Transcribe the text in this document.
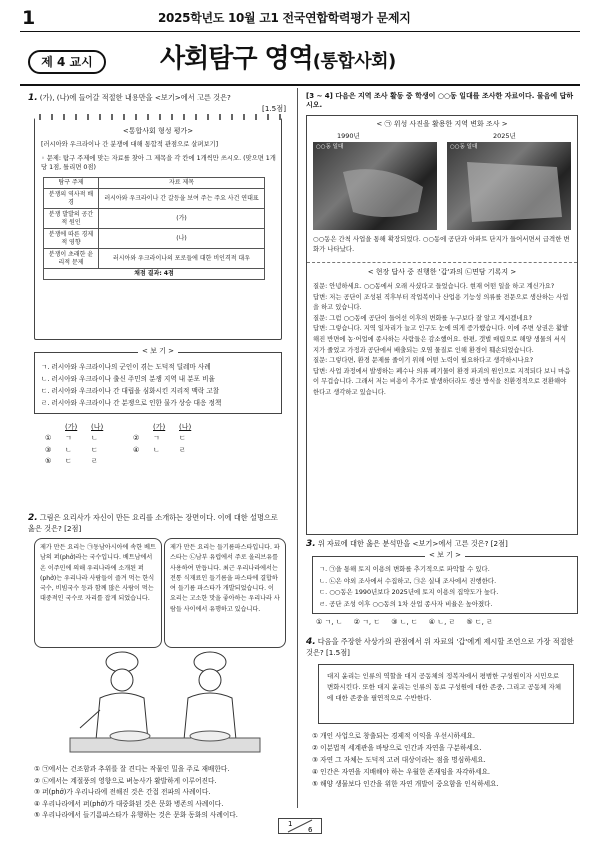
1	2025학년도 10월 고1 전국연합학력평가 문제지
제 4 교시	사회탐구 영역(통합사회)
1. (가), (나)에 들어갈 적절한 내용만을 <보기>에서 고른 것은?
[1.5점]
<통합사회 형성 평가>
[러시아와 우크라이나 간 분쟁에 대해 통합적 관점으로 살펴보기]
◦ 문제: 탐구 주제에 맞는 자료를 찾아 그 제목을 각 칸에 1개씩만 쓰시오. (맞으면 1개당 1점, 틀리면 0점)
탐구 주제	자료 제목
분쟁의 역사적 배경	러시아와 우크라이나 간 갈등을 보여 주는 주요 사건 연대표
분쟁 발발의 공간적 원인	(가)
분쟁에 따른 경제적 영향	(나)
분쟁이 초래한 윤리적 문제	러시아와 우크라이나의 포로들에 대한 비인격적 대우
채점 결과: 4점	
< 보 기 >
ㄱ. 러시아와 우크라이나의 군인이 겪는 도덕적 딜레마 사례
ㄴ. 러시아와 우크라이나 출신 주민의 분쟁 지역 내 분포 비율
ㄷ. 러시아와 우크라이나 간 대립을 심화시킨 지리적 맥락 고찰
ㄹ. 러시아와 우크라이나 간 분쟁으로 인한 물가 상승 대응 정책
	(가)	(나)		(가)	(나)
①	ㄱ	ㄴ	②	ㄱ	ㄷ
③	ㄴ	ㄷ	④	ㄴ	ㄹ
⑤	ㄷ	ㄹ			
2. 그림은 요리사가 자신이 만든 요리를 소개하는 장면이다. 이에 대한 설명으로 옳은 것은? [2점]
제가 만든 요리는 ㉠동남아시아에 속한 베트남의 퍼(phở)라는 국수입니다. 베트남에서 온 이주민에 의해 우리나라에 소개된 퍼(phở)는 우리나라 사람들이 즐겨 먹는 한식 국수, 비빔국수 등과 함께 많은 사람이 먹는 대중적인 국수로 자리를 잡게 되었습니다.
제가 만든 요리는 들기름파스타입니다. 파스타는 ㉡남부 유럽에서 주로 올리브유를 사용하여 만듭니다. 최근 우리나라에서는 전통 식재료인 들기름을 파스타에 결합하여 들기름 파스타가 개발되었습니다. 이 요리는 고소한 맛을 좋아하는 우리나라 사람들 사이에서 유행하고 있습니다.
① ㉠에서는 건조함과 추위를 잘 견디는 작물인 밀을 주로 재배한다.
② ㉡에서는 계절풍의 영향으로 벼농사가 활발하게 이루어진다.
③ 퍼(phở)가 우리나라에 전해진 것은 간접 전파의 사례이다.
④ 우리나라에서 퍼(phở)가 대중화된 것은 문화 병존의 사례이다.
⑤ 우리나라에서 들기름파스타가 유행하는 것은 문화 동화의 사례이다.
[3 ~ 4] 다음은 지역 조사 활동 중 학생이 ○○동 일대를 조사한 자료이다. 물음에 답하시오.
< ㉠ 위성 사진을 활용한 지역 변화 조사 >
1990년	2025년
○○동 일대	○○동 일대
○○동은 간척 사업을 통해 확장되었다. ○○동에 공단과 아파트 단지가 들어서면서 급격한 변화가 나타났다.
< 현장 답사 중 진행한 '갑'과의 ㉡면담 기록지 >
질문: 안녕하세요. ○○동에서 오래 사셨다고 들었습니다. 현재 어떤 일을 하고 계신가요?
답변: 저는 공단이 조성된 직후부터 작업복이나 산업용 기능성 의류를 전문으로 생산하는 사업을 하고 있습니다.
질문: 그럼 ○○동에 공단이 들어선 이후의 변화를 누구보다 잘 알고 계시겠네요?
답변: 그렇습니다. 지역 일자리가 늘고 인구도 눈에 띄게 증가했습니다. 이에 주변 상권은 활발해진 반면에 농·어업에 종사하는 사람들은 감소했어요. 한편, 갯벌 매립으로 해양 생물의 서식지가 줄었고 가정과 공단에서 배출되는 오염 물질로 인해 환경이 훼손되었습니다.
질문: 그렇다면, 환경 문제를 줄이기 위해 어떤 노력이 필요하다고 생각하시나요?
답변: 사업 과정에서 발생하는 폐수나 의류 폐기물이 환경 파괴의 원인으로 지적되다 보니 마음이 무겁습니다. 그래서 저는 비용이 추가로 발생하더라도 생산 방식을 친환경적으로 전환해야 한다고 생각하고 있습니다.
3. 위 자료에 대한 옳은 분석만을 <보기>에서 고른 것은? [2점]
< 보 기 >
ㄱ. ㉠을 통해 토지 이용의 변화를 추기적으로 파악할 수 있다.
ㄴ. ㉡은 야외 조사에서 수집하고, ㉠은 실내 조사에서 진행한다.
ㄷ. ○○동은 1990년보다 2025년에 토지 이용의 집약도가 높다.
ㄹ. 공단 조성 이후 ○○동의 1차 산업 종사자 비율은 높아졌다.
① ㄱ, ㄴ     ② ㄱ, ㄷ     ③ ㄴ, ㄷ     ④ ㄴ, ㄹ     ⑤ ㄷ, ㄹ
4. 다음을 주장한 사상가의 관점에서 위 자료의 '갑'에게 제시할 조언으로 가장 적절한 것은? [1.5점]
대지 윤리는 인류의 역할을 대지 공동체의 정복자에서 평범한 구성원이자 시민으로 변화시킨다. 또한 대지 윤리는 인류의 동료 구성원에 대한 존중, 그리고 공동체 자체에 대한 존중을 필연적으로 수반한다.
① 개인 사업으로 창출되는 경제적 이익을 우선시하세요.
② 이분법적 세계관을 바탕으로 인간과 자연을 구분하세요.
③ 자연 그 자체는 도덕적 고려 대상이라는 점을 명심하세요.
④ 인간은 자연을 지배해야 하는 우월한 존재임을 자각하세요.
⑤ 해양 생물보다 인간을 위한 자연 개발이 중요함을 인식하세요.
1
6
